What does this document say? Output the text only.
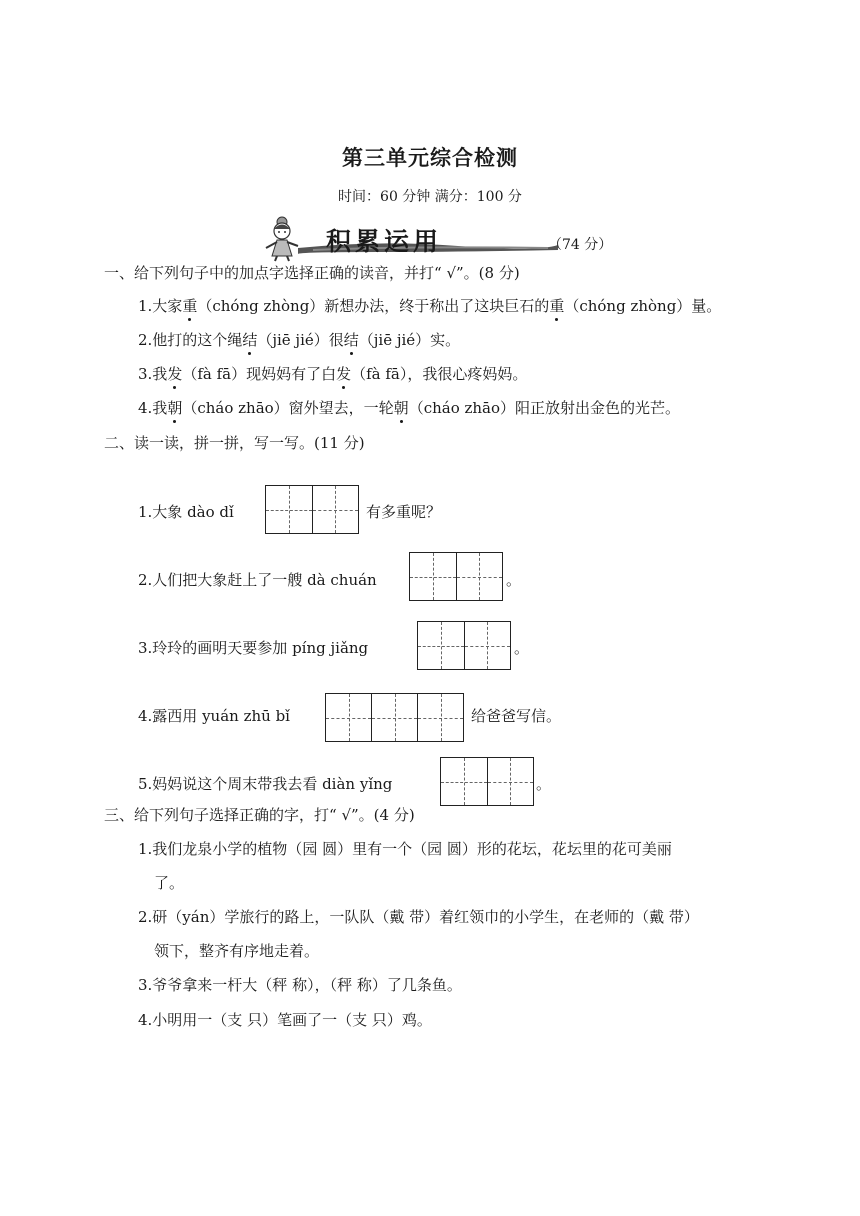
第三单元综合检测
时间：60 分钟 满分：100 分
积累运用	（74 分）
一、给下列句子中的加点字选择正确的读音，并打“ √”。(8 分)
1.大家重（chóng zhòng）新想办法，终于称出了这块巨石的重（chóng zhòng）量。
2.他打的这个绳结（jiē jié）很结（jiē jié）实。
3.我发（fà fā）现妈妈有了白发（fà fā），我很心疼妈妈。
4.我朝（cháo zhāo）窗外望去，一轮朝（cháo zhāo）阳正放射出金色的光芒。
二、读一读，拼一拼，写一写。(11 分)
1.大象 dào dǐ	有多重呢？
2.人们把大象赶上了一艘 dà chuán	。
3.玲玲的画明天要参加 píng jiǎng	。
4.露西用 yuán zhū bǐ	给爸爸写信。
5.妈妈说这个周末带我去看 diàn yǐng	。
三、给下列句子选择正确的字，打“ √”。(4 分)
1.我们龙泉小学的植物（园 圆）里有一个（园 圆）形的花坛，花坛里的花可美丽
了。
2.研（yán）学旅行的路上，一队队（戴 带）着红领巾的小学生，在老师的（戴 带）
领下，整齐有序地走着。
3.爷爷拿来一杆大（秤 称），（秤 称）了几条鱼。
4.小明用一（支 只）笔画了一（支 只）鸡。
